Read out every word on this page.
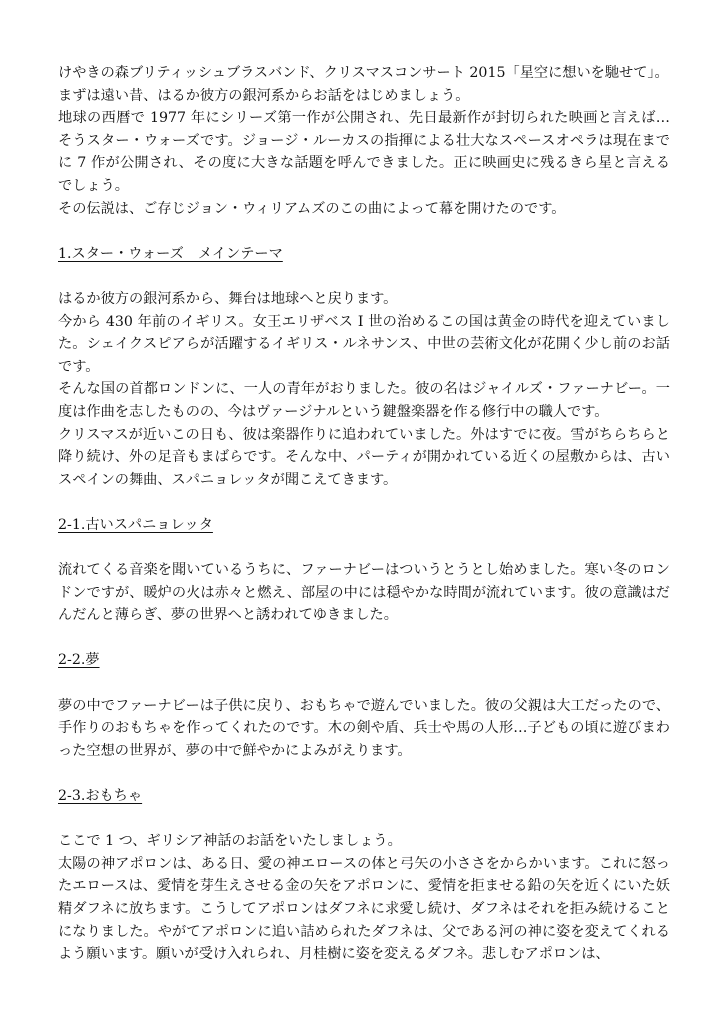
けやきの森ブリティッシュブラスバンド、クリスマスコンサート 2015「星空に想いを馳せて」。

まずは遠い昔、はるか彼方の銀河系からお話をはじめましょう。

地球の西暦で 1977 年にシリーズ第一作が公開され、先日最新作が封切られた映画と言えば…そうスター・ウォーズです。ジョージ・ルーカスの指揮による壮大なスペースオペラは現在までに 7 作が公開され、その度に大きな話題を呼んできました。正に映画史に残るきら星と言えるでしょう。

その伝説は、ご存じジョン・ウィリアムズのこの曲によって幕を開けたのです。

1.スター・ウォーズ　メインテーマ

はるか彼方の銀河系から、舞台は地球へと戻ります。

今から 430 年前のイギリス。女王エリザベス I 世の治めるこの国は黄金の時代を迎えていました。シェイクスピアらが活躍するイギリス・ルネサンス、中世の芸術文化が花開く少し前のお話です。

そんな国の首都ロンドンに、一人の青年がおりました。彼の名はジャイルズ・ファーナビー。一度は作曲を志したものの、今はヴァージナルという鍵盤楽器を作る修行中の職人です。

クリスマスが近いこの日も、彼は楽器作りに追われていました。外はすでに夜。雪がちらちらと降り続け、外の足音もまばらです。そんな中、パーティが開かれている近くの屋敷からは、古いスペインの舞曲、スパニョレッタが聞こえてきます。

2-1.古いスパニョレッタ

流れてくる音楽を聞いているうちに、ファーナビーはついうとうとし始めました。寒い冬のロンドンですが、暖炉の火は赤々と燃え、部屋の中には穏やかな時間が流れています。彼の意識はだんだんと薄らぎ、夢の世界へと誘われてゆきました。

2-2.夢

夢の中でファーナビーは子供に戻り、おもちゃで遊んでいました。彼の父親は大工だったので、手作りのおもちゃを作ってくれたのです。木の剣や盾、兵士や馬の人形…子どもの頃に遊びまわった空想の世界が、夢の中で鮮やかによみがえります。

2-3.おもちゃ

ここで 1 つ、ギリシア神話のお話をいたしましょう。

太陽の神アポロンは、ある日、愛の神エロースの体と弓矢の小ささをからかいます。これに怒ったエロースは、愛情を芽生えさせる金の矢をアポロンに、愛情を拒ませる鉛の矢を近くにいた妖精ダフネに放ちます。こうしてアポロンはダフネに求愛し続け、ダフネはそれを拒み続けることになりました。やがてアポロンに追い詰められたダフネは、父である河の神に姿を変えてくれるよう願います。願いが受け入れられ、月桂樹に姿を変えるダフネ。悲しむアポロンは、
